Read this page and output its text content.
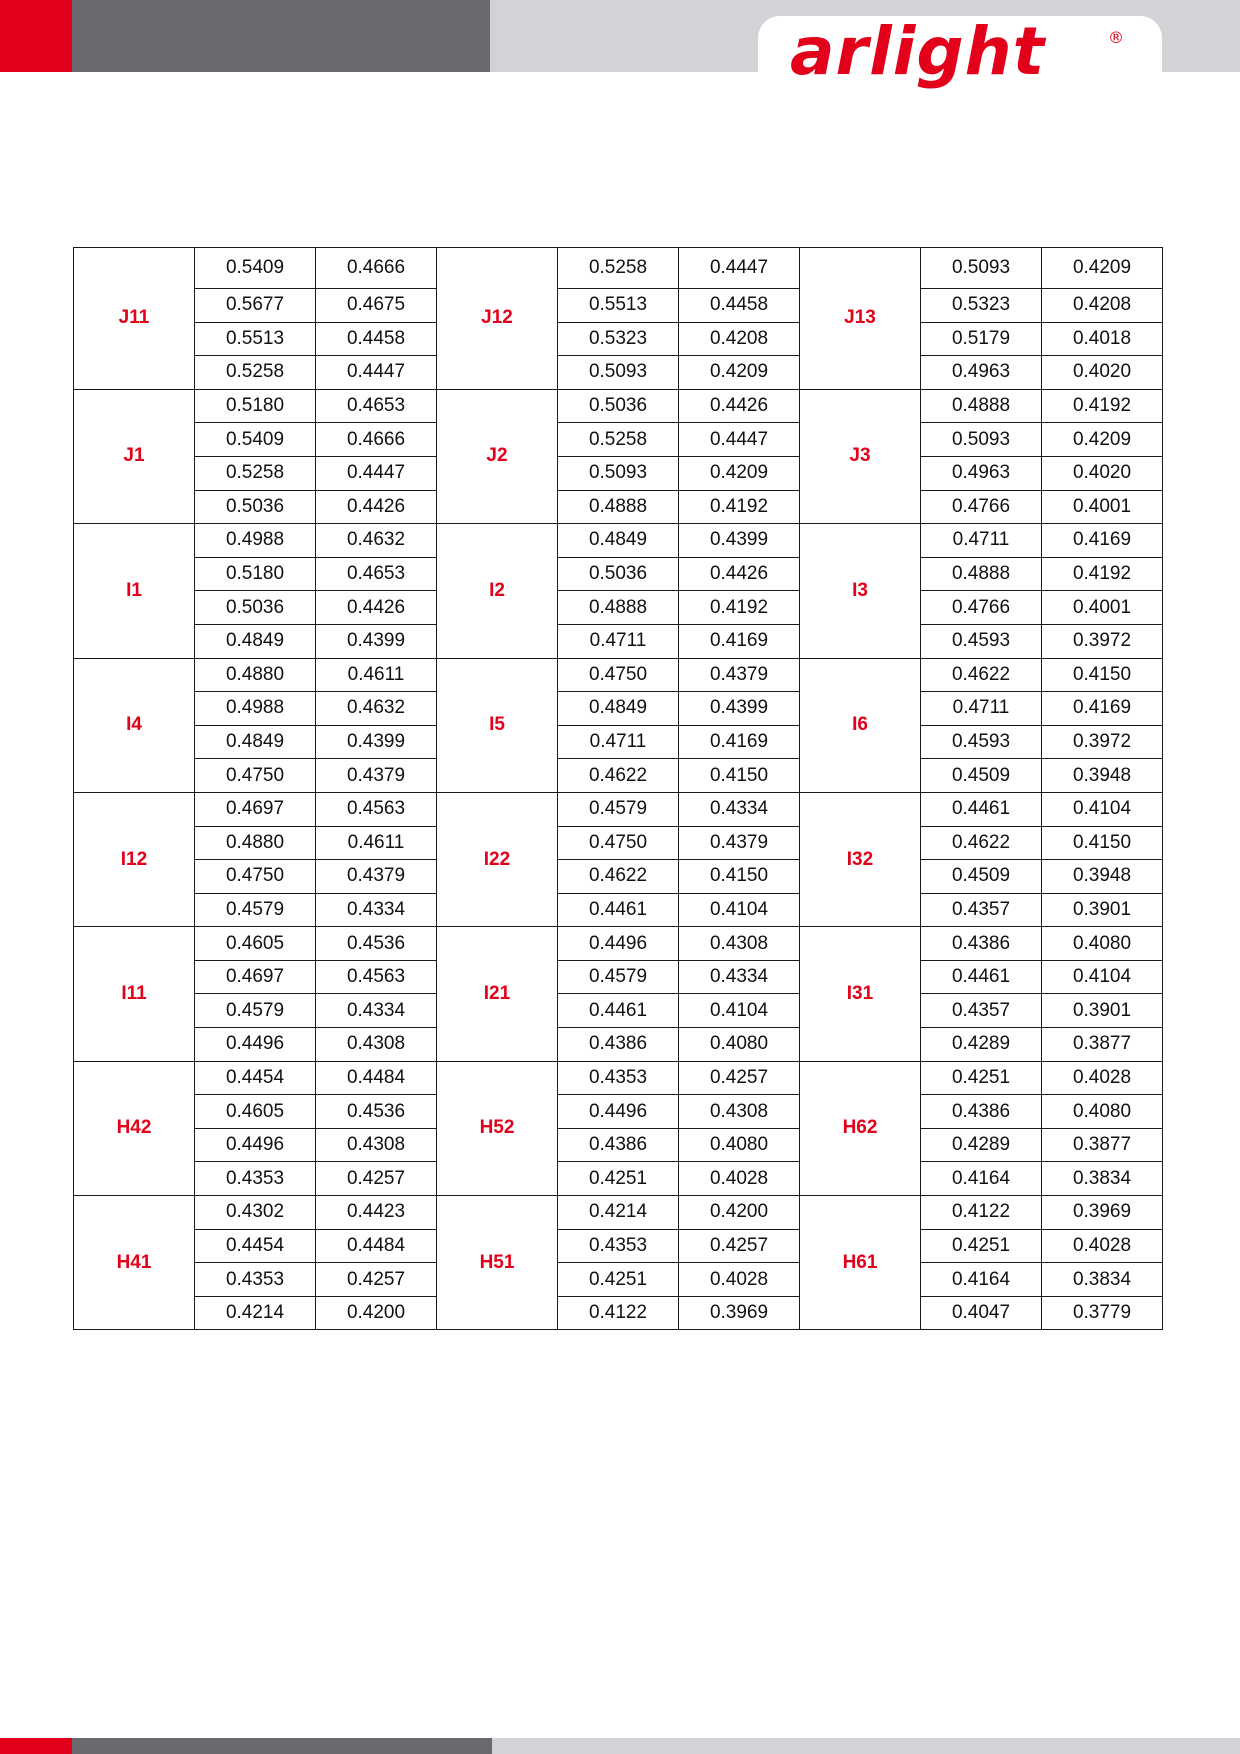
arlight	®
J11	0.5409	0.4666	J12	0.5258	0.4447	J13	0.5093	0.4209
	0.5677	0.4675		0.5513	0.4458		0.5323	0.4208
	0.5513	0.4458		0.5323	0.4208		0.5179	0.4018
	0.5258	0.4447		0.5093	0.4209		0.4963	0.4020
J1	0.5180	0.4653	J2	0.5036	0.4426	J3	0.4888	0.4192
	0.5409	0.4666		0.5258	0.4447		0.5093	0.4209
	0.5258	0.4447		0.5093	0.4209		0.4963	0.4020
	0.5036	0.4426		0.4888	0.4192		0.4766	0.4001
I1	0.4988	0.4632	I2	0.4849	0.4399	I3	0.4711	0.4169
	0.5180	0.4653		0.5036	0.4426		0.4888	0.4192
	0.5036	0.4426		0.4888	0.4192		0.4766	0.4001
	0.4849	0.4399		0.4711	0.4169		0.4593	0.3972
I4	0.4880	0.4611	I5	0.4750	0.4379	I6	0.4622	0.4150
	0.4988	0.4632		0.4849	0.4399		0.4711	0.4169
	0.4849	0.4399		0.4711	0.4169		0.4593	0.3972
	0.4750	0.4379		0.4622	0.4150		0.4509	0.3948
I12	0.4697	0.4563	I22	0.4579	0.4334	I32	0.4461	0.4104
	0.4880	0.4611		0.4750	0.4379		0.4622	0.4150
	0.4750	0.4379		0.4622	0.4150		0.4509	0.3948
	0.4579	0.4334		0.4461	0.4104		0.4357	0.3901
I11	0.4605	0.4536	I21	0.4496	0.4308	I31	0.4386	0.4080
	0.4697	0.4563		0.4579	0.4334		0.4461	0.4104
	0.4579	0.4334		0.4461	0.4104		0.4357	0.3901
	0.4496	0.4308		0.4386	0.4080		0.4289	0.3877
H42	0.4454	0.4484	H52	0.4353	0.4257	H62	0.4251	0.4028
	0.4605	0.4536		0.4496	0.4308		0.4386	0.4080
	0.4496	0.4308		0.4386	0.4080		0.4289	0.3877
	0.4353	0.4257		0.4251	0.4028		0.4164	0.3834
H41	0.4302	0.4423	H51	0.4214	0.4200	H61	0.4122	0.3969
	0.4454	0.4484		0.4353	0.4257		0.4251	0.4028
	0.4353	0.4257		0.4251	0.4028		0.4164	0.3834
	0.4214	0.4200		0.4122	0.3969		0.4047	0.3779
